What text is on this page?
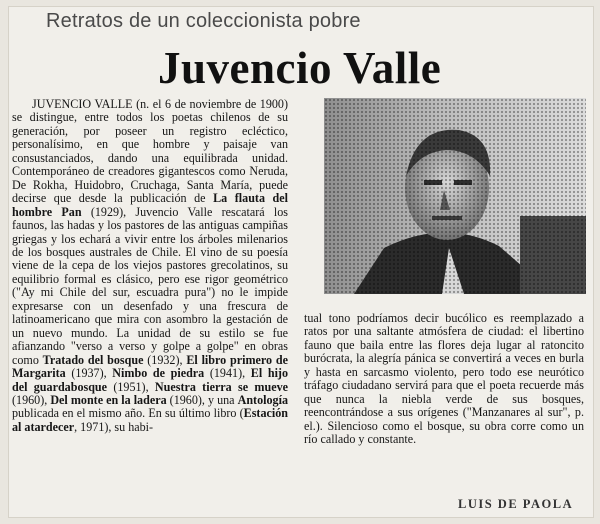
Retratos de un coleccionista pobre
Juvencio Valle

JUVENCIO VALLE (n. el 6 de noviembre de 1900) se distingue, entre todos los poetas chilenos de su generación, por poseer un registro ecléctico, personalísimo, en que hombre y paisaje van consustanciados, dando una equilibrada unidad. Contemporáneo de creadores gigantescos como Neruda, De Rokha, Huidobro, Cruchaga, Santa María, puede decirse que desde la publicación de La flauta del hombre Pan (1929), Juvencio Valle rescatará los faunos, las hadas y los pastores de las antiguas campiñas griegas y los echará a vivir entre los árboles milenarios de los bosques australes de Chile. El vino de su poesía viene de la cepa de los viejos pastores grecolatinos, su equilibrio formal es clásico, pero ese rigor geométrico ("Ay mi Chile del sur, escuadra pura") no le impide expresarse con un desenfado y una frescura de latinoamericano que mira con asombro la gestación de un nuevo mundo. La unidad de su estilo se fue afianzando "verso a verso y golpe a golpe" en obras como Tratado del bosque (1932), El libro primero de Margarita (1937), Nimbo de piedra (1941), El hijo del guardabosque (1951), Nuestra tierra se mueve (1960), Del monte en la ladera (1960), y una Antología publicada en el mismo año. En su último libro (Estación al atardecer, 1971), su habi-

tual tono podríamos decir bucólico es reemplazado a ratos por una saltante atmósfera de ciudad: el libertino fauno que baila entre las flores deja lugar al ratoncito burócrata, la alegría pánica se convertirá a veces en burla y hasta en sarcasmo violento, pero todo ese neurótico tráfago ciudadano servirá para que el poeta recuerde más que nunca la niebla verde de sus bosques, reencontrándose a sus orígenes ("Manzanares al sur", p. el.). Silencioso como el bosque, su obra corre como un río callado y constante.

LUIS DE PAOLA
